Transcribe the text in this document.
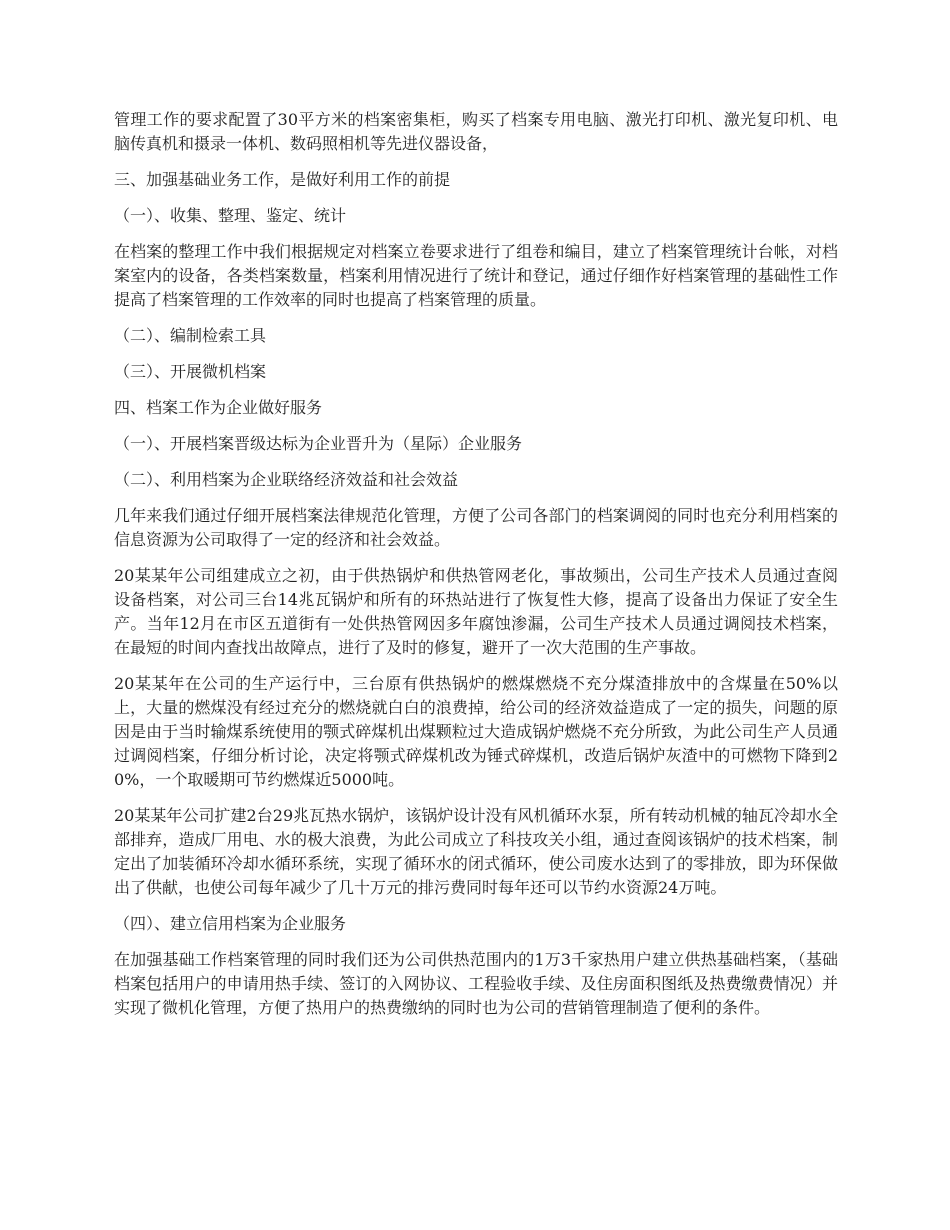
管理工作的要求配置了30平方米的档案密集柜，购买了档案专用电脑、激光打印机、激光复印机、电脑传真机和摄录一体机、数码照相机等先进仪器设备，

三、加强基础业务工作，是做好利用工作的前提

（一）、收集、整理、鉴定、统计

在档案的整理工作中我们根据规定对档案立卷要求进行了组卷和编目，建立了档案管理统计台帐，对档案室内的设备，各类档案数量，档案利用情况进行了统计和登记，通过仔细作好档案管理的基础性工作提高了档案管理的工作效率的同时也提高了档案管理的质量。

（二）、编制检索工具

（三）、开展微机档案

四、档案工作为企业做好服务

（一）、开展档案晋级达标为企业晋升为（星际）企业服务

（二）、利用档案为企业联络经济效益和社会效益

几年来我们通过仔细开展档案法律规范化管理，方便了公司各部门的档案调阅的同时也充分利用档案的信息资源为公司取得了一定的经济和社会效益。

20某某年公司组建成立之初，由于供热锅炉和供热管网老化，事故频出，公司生产技术人员通过查阅设备档案，对公司三台14兆瓦锅炉和所有的环热站进行了恢复性大修，提高了设备出力保证了安全生产。当年12月在市区五道街有一处供热管网因多年腐蚀渗漏，公司生产技术人员通过调阅技术档案，在最短的时间内查找出故障点，进行了及时的修复，避开了一次大范围的生产事故。

20某某年在公司的生产运行中，三台原有供热锅炉的燃煤燃烧不充分煤渣排放中的含煤量在50%以上，大量的燃煤没有经过充分的燃烧就白白的浪费掉，给公司的经济效益造成了一定的损失，问题的原因是由于当时输煤系统使用的颚式碎煤机出煤颗粒过大造成锅炉燃烧不充分所致，为此公司生产人员通过调阅档案，仔细分析讨论，决定将颚式碎煤机改为锤式碎煤机，改造后锅炉灰渣中的可燃物下降到20%，一个取暖期可节约燃煤近5000吨。

20某某年公司扩建2台29兆瓦热水锅炉，该锅炉设计没有风机循环水泵，所有转动机械的轴瓦冷却水全部排弃，造成厂用电、水的极大浪费，为此公司成立了科技攻关小组，通过查阅该锅炉的技术档案，制定出了加装循环冷却水循环系统，实现了循环水的闭式循环，使公司废水达到了的零排放，即为环保做出了供献，也使公司每年减少了几十万元的排污费同时每年还可以节约水资源24万吨。

（四）、建立信用档案为企业服务

在加强基础工作档案管理的同时我们还为公司供热范围内的1万3千家热用户建立供热基础档案，（基础档案包括用户的申请用热手续、签订的入网协议、工程验收手续、及住房面积图纸及热费缴费情况）并实现了微机化管理，方便了热用户的热费缴纳的同时也为公司的营销管理制造了便利的条件。
